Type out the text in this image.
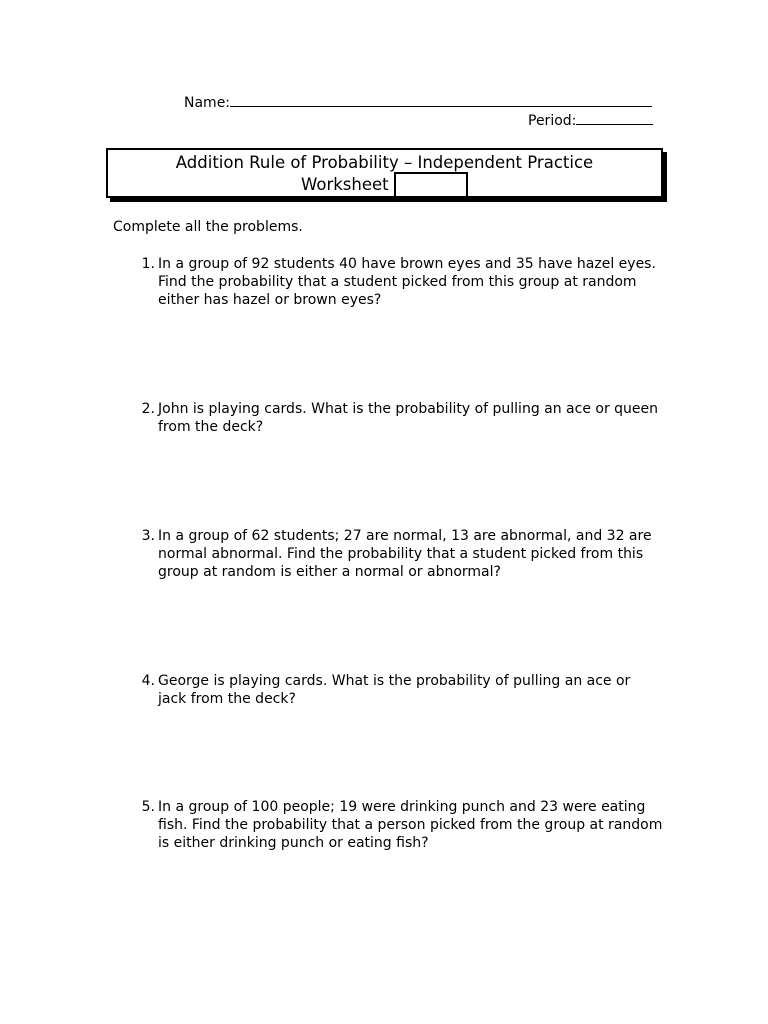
Name:
Period:
Addition Rule of Probability – Independent Practice
Worksheet
Complete all the problems.
1. In a group of 92 students 40 have brown eyes and 35 have hazel eyes. Find the probability that a student picked from this group at random either has hazel or brown eyes?
2. John is playing cards. What is the probability of pulling an ace or queen from the deck?
3. In a group of 62 students; 27 are normal, 13 are abnormal, and 32 are normal abnormal. Find the probability that a student picked from this group at random is either a normal or abnormal?
4. George is playing cards. What is the probability of pulling an ace or jack from the deck?
5. In a group of 100 people; 19 were drinking punch and 23 were eating fish. Find the probability that a person picked from the group at random is either drinking punch or eating fish?
